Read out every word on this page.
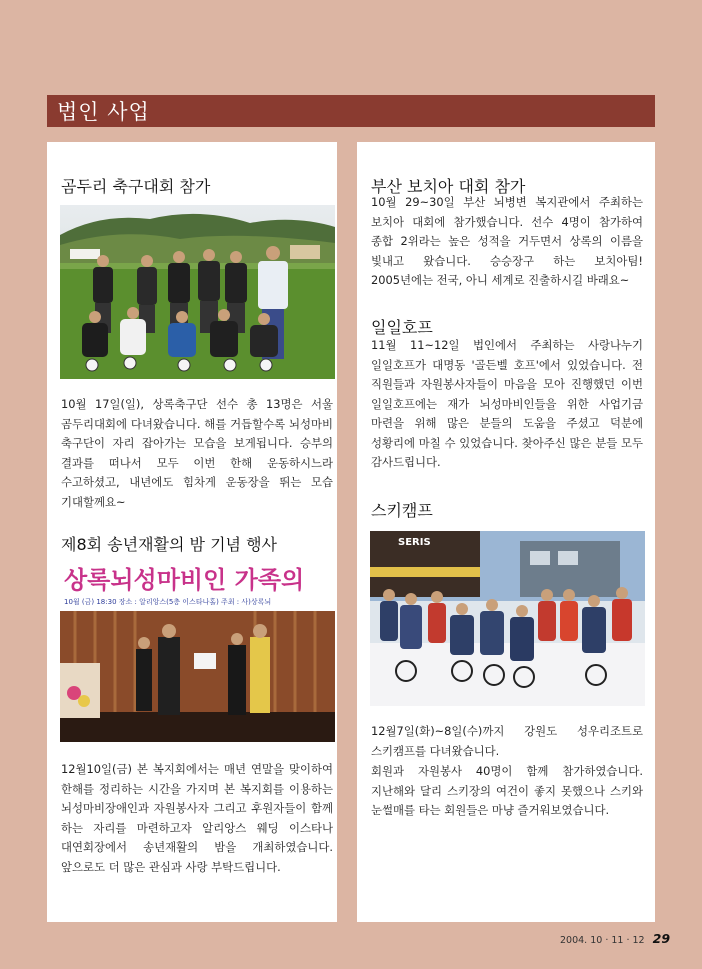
법인 사업
곰두리 축구대회 참가
10월 17일(일), 상록축구단 선수 총 13명은 서울 곰두리대회에 다녀왔습니다. 해를 거듭할수록 뇌성마비 축구단이 자리 잡아가는 모습을 보게됩니다. 승부의 결과를 떠나서 모두 이번 한해 운동하시느라 수고하셨고, 내년에도 힘차게 운동장을 뛰는 모습 기대할께요~
제8회 송년재활의 밤 기념 행사
상록뇌성마비인 가족의
10월 (금) 18:30 장소 : 알리앙스(5층 이스타나홀) 주최 : 사)상록뇌
12월10일(금) 본 복지회에서는 매년 연말을 맞이하여 한해를 정리하는 시간을 가지며 본 복지회를 이용하는 뇌성마비장애인과 자원봉사자 그리고 후원자들이 함께 하는 자리를 마련하고자 알리앙스 웨딩 이스타나 대연회장에서 송년재활의 밤을 개최하였습니다. 앞으로도 더 많은 관심과 사랑 부탁드립니다.
부산 보치아 대회 참가
10월 29~30일 부산 뇌병변 복지관에서 주최하는 보치아 대회에 참가했습니다. 선수 4명이 참가하여 종합 2위라는 높은 성적을 거두면서 상록의 이름을 빛내고 왔습니다. 승승장구 하는 보치아팀! 2005년에는 전국, 아니 세계로 진출하시길 바래요~
일일호프
11월 11~12일 법인에서 주최하는 사랑나누기 일일호프가 대명동 '골든벨 호프'에서 있었습니다. 전 직원들과 자원봉사자들이 마음을 모아 진행했던 이번 일일호프에는 재가 뇌성마비인들을 위한 사업기금 마련을 위해 많은 분들의 도움을 주셨고 덕분에 성황리에 마칠 수 있었습니다. 찾아주신 많은 분들 모두 감사드립니다.
스키캠프
SERIS
12월7일(화)~8일(수)까지 강원도 성우리조트로 스키캠프를 다녀왔습니다.
회원과 자원봉사 40명이 함께 참가하였습니다. 지난해와 달리 스키장의 여건이 좋지 못했으나 스키와 눈썰매를 타는 회원들은 마냥 즐거워보였습니다.
2004. 10 · 11 · 12 29
